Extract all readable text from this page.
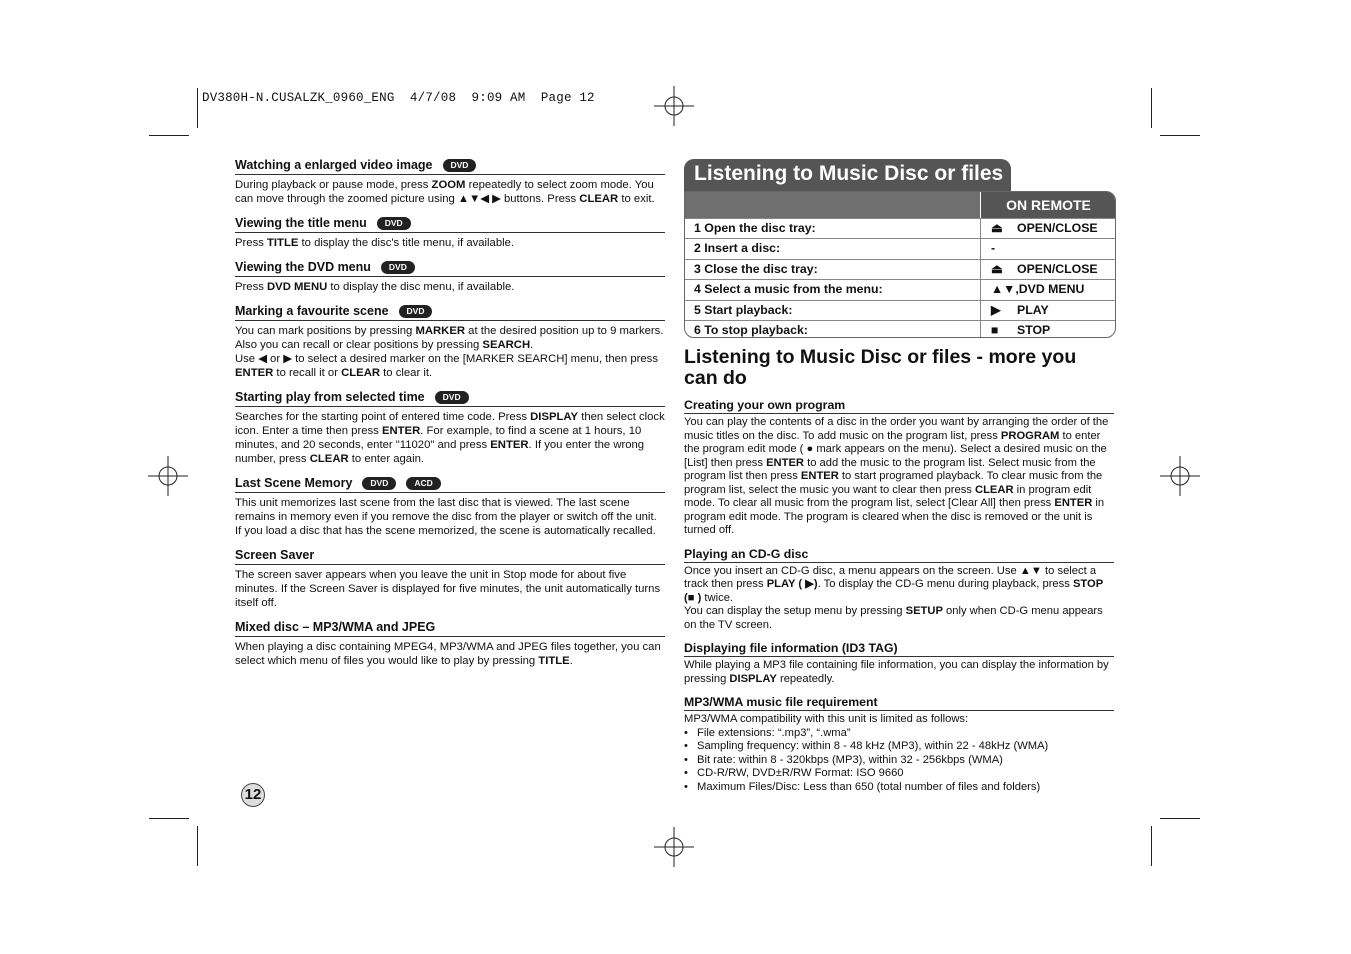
DV380H-N.CUSALZK_0960_ENG  4/7/08  9:09 AM  Page 12
Watching a enlarged video image	DVD
During playback or pause mode, press ZOOM repeatedly to select zoom mode. You can move through the zoomed picture using ▲▼◀ ▶ buttons. Press CLEAR to exit.
Viewing the title menu	DVD
Press TITLE to display the disc's title menu, if available.
Viewing the DVD menu	DVD
Press DVD MENU to display the disc menu, if available.
Marking a favourite scene	DVD
You can mark positions by pressing MARKER at the desired position up to 9 markers. Also you can recall or clear positions by pressing SEARCH.
Use ◀ or ▶ to select a desired marker on the [MARKER SEARCH] menu, then press ENTER to recall it or CLEAR to clear it.
Starting play from selected time	DVD
Searches for the starting point of entered time code. Press DISPLAY then select clock icon. Enter a time then press ENTER. For example, to find a scene at 1 hours, 10 minutes, and 20 seconds, enter "11020" and press ENTER. If you enter the wrong number, press CLEAR to enter again.
Last Scene Memory	DVD	ACD
This unit memorizes last scene from the last disc that is viewed. The last scene remains in memory even if you remove the disc from the player or switch off the unit. If you load a disc that has the scene memorized, the scene is automatically recalled.
Screen Saver
The screen saver appears when you leave the unit in Stop mode for about five minutes. If the Screen Saver is displayed for five minutes, the unit automatically turns itself off.
Mixed disc – MP3/WMA and JPEG
When playing a disc containing MPEG4, MP3/WMA and JPEG files together, you can select which menu of files you would like to play by pressing TITLE.
Listening to Music Disc or files
ON REMOTE
1 Open the disc tray:	⏏ OPEN/CLOSE
2 Insert a disc:	-
3 Close the disc tray:	⏏ OPEN/CLOSE
4 Select a music from the menu:	▲▼,DVD MENU
5 Start playback:	▶ PLAY
6 To stop playback:	■ STOP
Listening to Music Disc or files - more you can do
Creating your own program
You can play the contents of a disc in the order you want by arranging the order of the music titles on the disc. To add music on the program list, press PROGRAM to enter the program edit mode ( ● mark appears on the menu). Select a desired music on the [List] then press ENTER to add the music to the program list. Select music from the program list then press ENTER to start programed playback. To clear music from the program list, select the music you want to clear then press CLEAR in program edit mode. To clear all music from the program list, select [Clear All] then press ENTER in program edit mode. The program is cleared when the disc is removed or the unit is turned off.
Playing an CD-G disc
Once you insert an CD-G disc, a menu appears on the screen. Use ▲▼ to select a track then press PLAY ( ▶). To display the CD-G menu during playback, press STOP (■ ) twice.
You can display the setup menu by pressing SETUP only when CD-G menu appears on the TV screen.
Displaying file information (ID3 TAG)
While playing a MP3 file containing file information, you can display the information by pressing DISPLAY repeatedly.
MP3/WMA music file requirement
MP3/WMA compatibility with this unit is limited as follows:
• File extensions: “.mp3”, “.wma”
• Sampling frequency: within 8 - 48 kHz (MP3), within 22 - 48kHz (WMA)
• Bit rate: within 8 - 320kbps (MP3), within 32 - 256kbps (WMA)
• CD-R/RW, DVD±R/RW Format: ISO 9660
• Maximum Files/Disc: Less than 650 (total number of files and folders)
12
